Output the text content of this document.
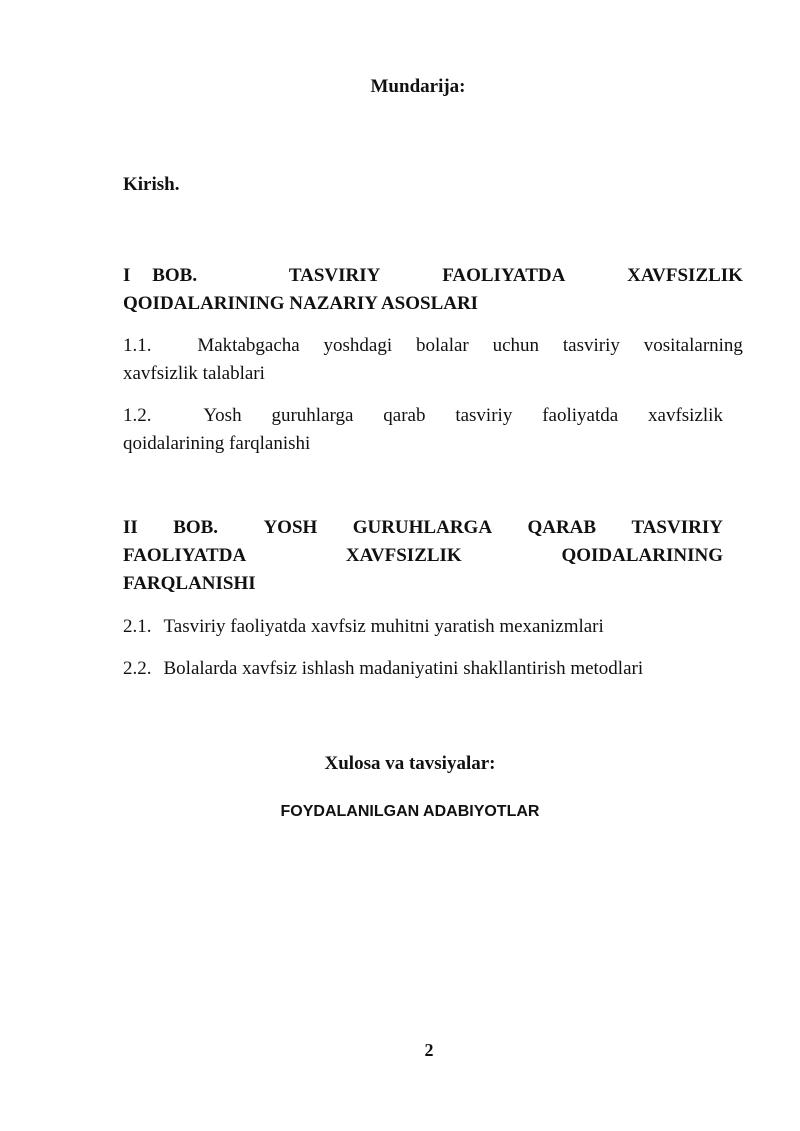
Mundarija:
Kirish.
I BOB.	TASVIRIY	FAOLIYATDA	XAVFSIZLIK
QOIDALARINING NAZARIY ASOSLARI
1.1. Maktabgacha yoshdagi bolalar uchun tasviriy vositalarning
xavfsizlik talablari
1.2.	Yosh guruhlarga qarab tasviriy faoliyatda xavfsizlik
qoidalarining farqlanishi
II BOB. YOSH GURUHLARGA QARAB TASVIRIY
FAOLIYATDA	XAVFSIZLIK	QOIDALARINING
FARQLANISHI
2.1. Tasviriy faoliyatda xavfsiz muhitni yaratish mexanizmlari
2.2. Bolalarda xavfsiz ishlash madaniyatini shakllantirish metodlari
Xulosa va tavsiyalar:
FOYDALANILGAN ADABIYOTLAR
2
